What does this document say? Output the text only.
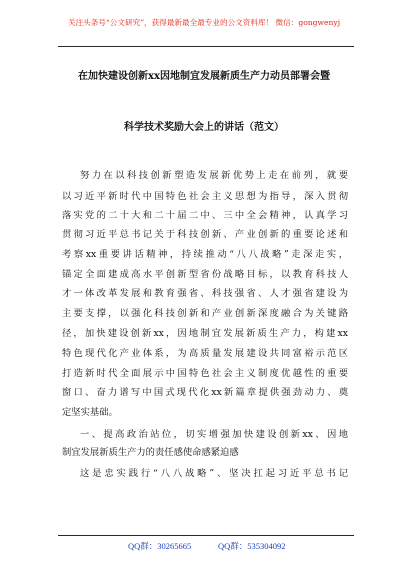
关注头条号“公文研究”，获得最新最全最专业的公文资料库！ 微信：gongwenyj
在加快建设创新xx因地制宜发展新质生产力动员部署会暨
科学技术奖励大会上的讲话（范文）
努力在以科技创新塑造发展新优势上走在前列，就要
以习近平新时代中国特色社会主义思想为指导，深入贯彻
落实党的二十大和二十届二中、三中全会精神，认真学习
贯彻习近平总书记关于科技创新、产业创新的重要论述和
考察xx重要讲话精神，持续推动“八八战略”走深走实，
锚定全面建成高水平创新型省份战略目标，以教育科技人
才一体改革发展和教育强省、科技强省、人才强省建设为
主要支撑，以强化科技创新和产业创新深度融合为关键路
径，加快建设创新xx，因地制宜发展新质生产力，构建xx
特色现代化产业体系，为高质量发展建设共同富裕示范区
打造新时代全面展示中国特色社会主义制度优越性的重要
窗口、奋力谱写中国式现代化xx新篇章提供强劲动力、奠
定坚实基础。
一、提高政治站位，切实增强加快建设创新xx、因地
制宜发展新质生产力的责任感使命感紧迫感
这是忠实践行“八八战略”、坚决扛起习近平总书记
QQ群：30265665	QQ群：535304092
